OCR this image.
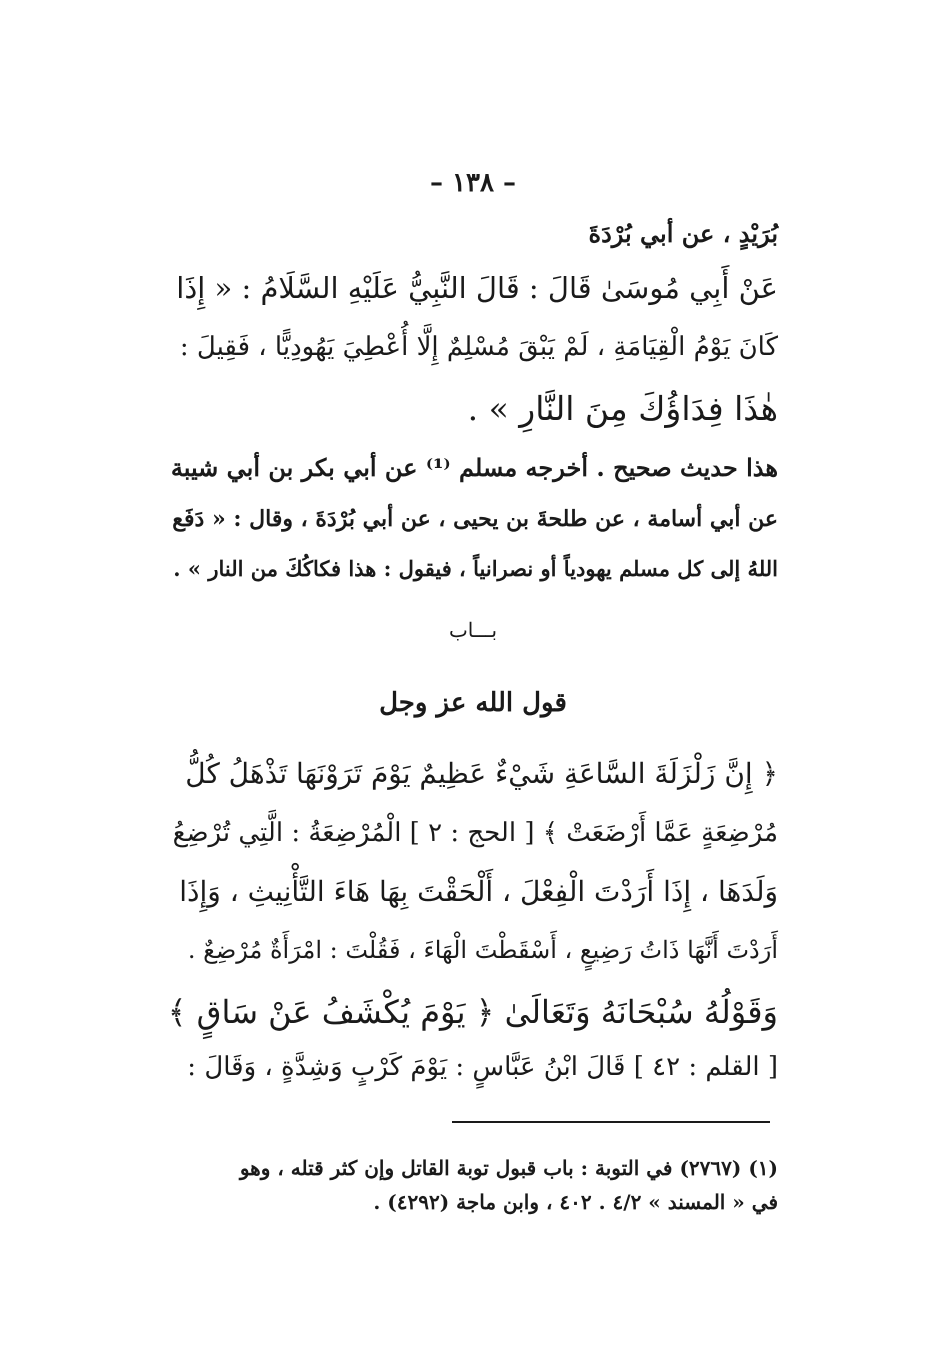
– ١٣٨ –
بُرَيْدٍ ، عن أبي بُرْدَةَ
عَنْ أَبِي مُوسَىٰ قَالَ : قَالَ النَّبِيُّ عَلَيْهِ السَّلَامُ : « إِذَا
كَانَ يَوْمُ الْقِيَامَةِ ، لَمْ يَبْقَ مُسْلِمٌ إِلَّا أُعْطِيَ يَهُودِيًّا ، فَقِيلَ :
هٰذَا فِدَاؤُكَ مِنَ النَّارِ » .
هذا حديث صحيح . أخرجه مسلم ⁽¹⁾ عن أبي بكر بن أبي شيبة
عن أبي أسامة ، عن طلحةَ بن يحيى ، عن أبي بُرْدَةَ ، وقال : « دَفَع
اللهُ إلى كل مسلم يهودياً أو نصرانياً ، فيقول : هذا فكاكُكَ من النار » .
بـــاب
قول الله عز وجل
﴿ إِنَّ زَلْزَلَةَ السَّاعَةِ شَيْءٌ عَظِيمٌ يَوْمَ تَرَوْنَهَا تَذْهَلُ كُلُّ
مُرْضِعَةٍ عَمَّا أَرْضَعَتْ ﴾ [ الحج : ٢ ] الْمُرْضِعَةُ : الَّتِي تُرْضِعُ
وَلَدَهَا ، إِذَا أَرَدْتَ الْفِعْلَ ، أَلْحَقْتَ بِهَا هَاءَ التَّأْنِيثِ ، وَإِذَا
أَرَدْتَ أَنَّهَا ذَاتُ رَضِيعٍ ، أَسْقَطْتَ الْهَاءَ ، فَقُلْتَ : امْرَأَةٌ مُرْضِعٌ .
وَقَوْلُهُ سُبْحَانَهُ وَتَعَالَىٰ ﴿ يَوْمَ يُكْشَفُ عَنْ سَاقٍ ﴾
[ القلم : ٤٢ ] قَالَ ابْنُ عَبَّاسٍ : يَوْمَ كَرْبٍ وَشِدَّةٍ ، وَقَالَ :
(١) (٢٧٦٧) في التوبة : باب قبول توبة القاتل وإن كثر قتله ، وهو
في « المسند » ٤/٢ . ٤٠٢ ، وابن ماجة (٤٢٩٢) .
